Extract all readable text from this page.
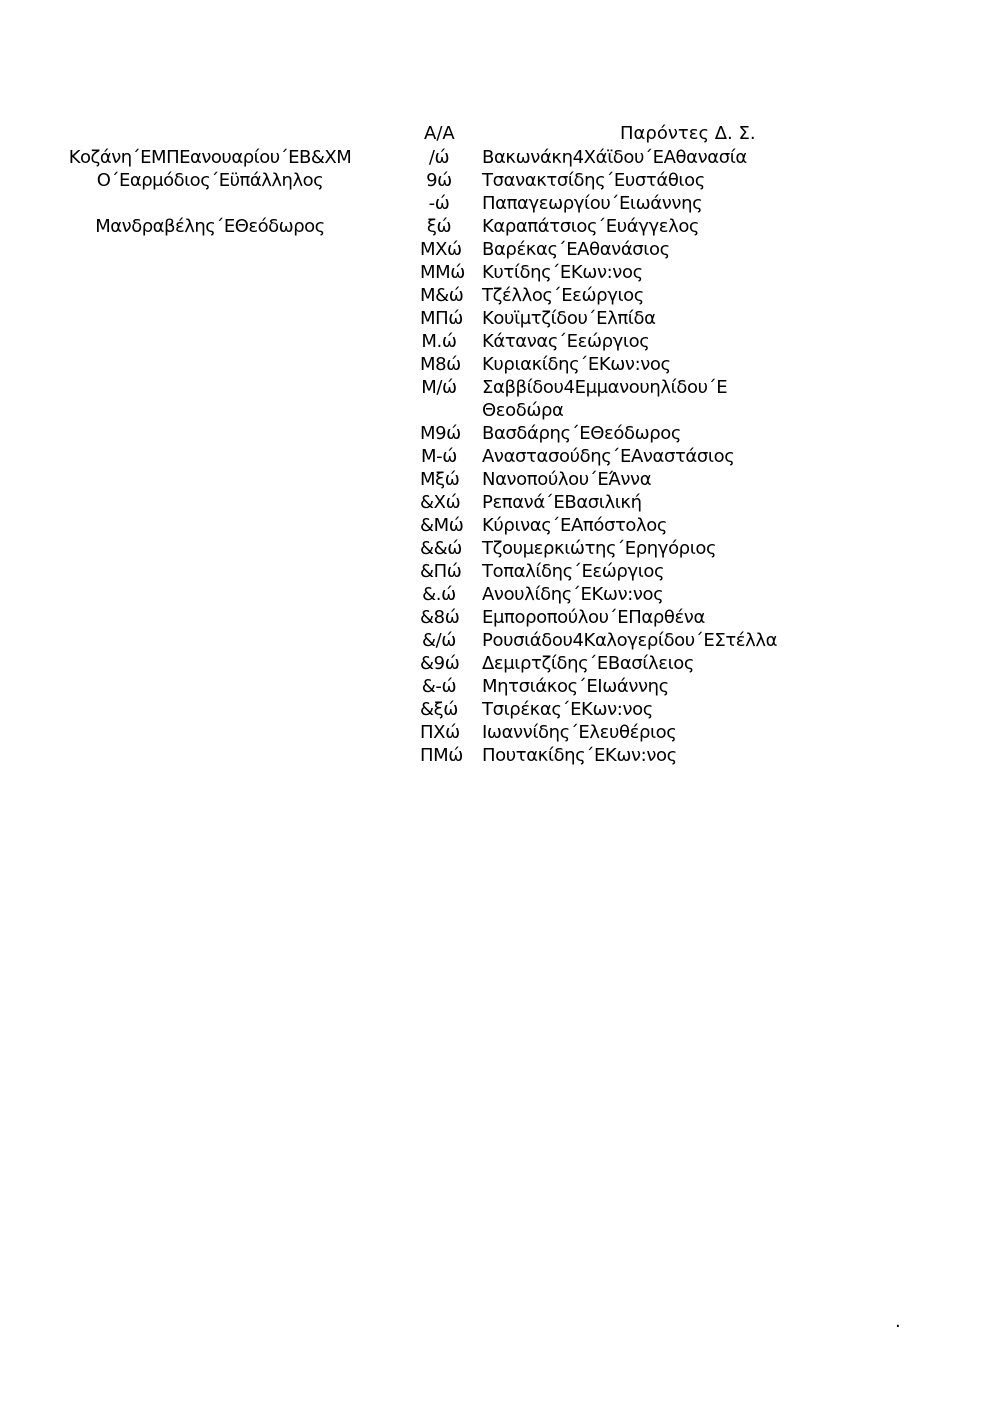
Κοζάνη΄ΕΜΠΕανουαρίου΄ΕΒ&ΧΜ
Ο΄Εαρμόδιος΄Εϋπάλληλος
Μανδραβέλης΄ΕΘεόδωρος
Α/Α	Παρόντες Δ. Σ.
/ώ	Βακωνάκη4Χάϊδου΄ΕΑθανασία
9ώ	Τσανακτσίδης΄Ευστάθιος
-ώ	Παπαγεωργίου΄Ειωάννης
ξώ	Καραπάτσιος΄Ευάγγελος
ΜΧώ	Βαρέκας΄ΕΑθανάσιος
ΜΜώ Κυτίδης΄ΕΚων:νος
Μ&ώ	Τζέλλος΄Εεώργιος
ΜΠώ	Κουϊμτζίδου΄Ελπίδα
Μ.ώ	Κάτανας΄Εεώργιος
Μ8ώ	Κυριακίδης΄ΕΚων:νος
Μ/ώ	Σαββίδου4Εμμανουηλίδου΄Ε Θεοδώρα
Μ9ώ	Βασδάρης΄ΕΘεόδωρος
Μ-ώ	Αναστασούδης΄ΕΑναστάσιος
Μξώ	Νανοπούλου΄ΕΆννα
&Χώ	Ρεπανά΄ΕΒασιλική
&Μώ	Κύρινας΄ΕΑπόστολος
&&ώ	Τζουμερκιώτης΄Ερηγόριος
&Πώ	Τοπαλίδης΄Εεώργιος
&.ώ	Ανουλίδης΄ΕΚων:νος
&8ώ	Εμποροπούλου΄ΕΠαρθένα
&/ώ	Ρουσιάδου4Καλογερίδου΄ΕΣτέλλα
&9ώ	Δεμιρτζίδης΄ΕΒασίλειος
&-ώ	Μητσιάκος΄ΕΙωάννης
&ξώ	Τσιρέκας΄ΕΚων:νος
ΠΧώ	Ιωαννίδης΄Ελευθέριος
ΠΜώ	Πουτακίδης΄ΕΚων:νος
.
